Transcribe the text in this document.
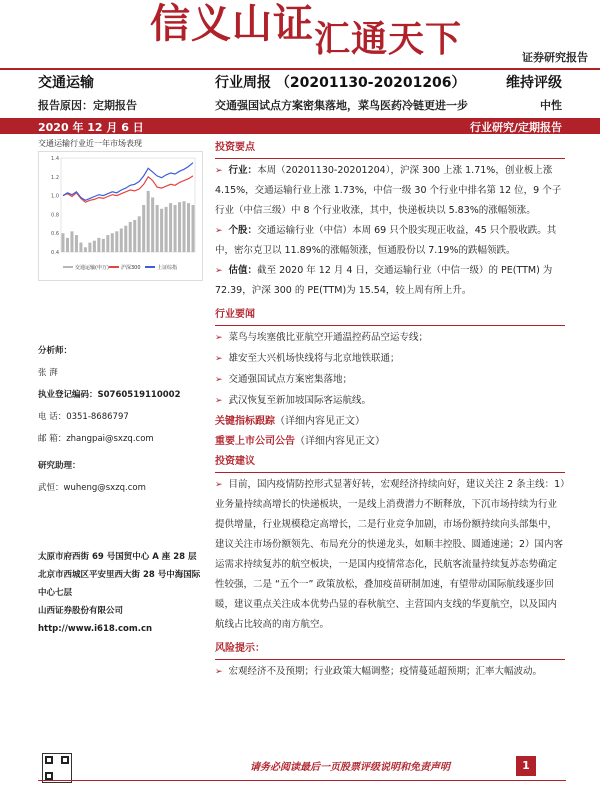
信义山证汇通天下	证券研究报告
交通运输	行业周报 （20201130-20201206）	维持评级
报告原因：定期报告	交通强国试点方案密集落地，菜鸟医药冷链更进一步	中性
2020 年 12 月 6 日	行业研究/定期报告
交通运输行业近一年市场表现
0.4
0.6
0.8
1.0
1.2
1.4
交通运输(申万) 沪深300	上证综指
分析师：
张 湃
执业登记编码：S0760519110002
电 话：0351-8686797
邮 箱：zhangpai@sxzq.com
研究助理：
武恒：wuheng@sxzq.com
太原市府西街 69 号国贸中心 A 座 28 层
北京市西城区平安里西大街 28 号中海国际中心七层
山西证券股份有限公司
http://www.i618.com.cn
投资要点

➢ 行业：本周（20201130-20201204），沪深 300 上涨 1.71%，创业板上涨 4.15%，交通运输行业上涨 1.73%，中信一级 30 个行业中排名第 12 位，9 个子行业（中信三级）中 8 个行业收涨，其中，快递板块以 5.83%的涨幅领涨。

➢ 个股：交通运输行业（中信）本周 69 只个股实现正收益，45 只个股收跌。其中，密尔克卫以 11.89%的涨幅领涨，恒通股份以 7.19%的跌幅领跌。

➢ 估值：截至 2020 年 12 月 4 日，交通运输行业（中信一级）的 PE(TTM) 为 72.39，沪深 300 的 PE(TTM)为 15.54，较上周有所上升。

行业要闻
➢ 菜鸟与埃塞俄比亚航空开通温控药品空运专线；
➢ 雄安至大兴机场快线将与北京地铁联通；
➢ 交通强国试点方案密集落地；
➢ 武汉恢复至新加坡国际客运航线。
关键指标跟踪（详细内容见正文）
重要上市公司公告（详细内容见正文）
投资建议

➢ 目前，国内疫情防控形式显著好转，宏观经济持续向好，建议关注 2 条主线：1）业务量持续高增长的快递板块，一是线上消费潜力不断释放，下沉市场持续为行业提供增量，行业规模稳定高增长，二是行业竞争加剧，市场份额持续向头部集中，建议关注市场份额领先、布局充分的快递龙头，如顺丰控股、圆通速递；2）国内客运需求持续复苏的航空板块，一是国内疫情常态化，民航客流量持续复苏态势确定性较强，二是 “五个一” 政策放松，叠加疫苗研制加速，有望带动国际航线逐步回暖，建议重点关注成本优势凸显的春秋航空、主营国内支线的华夏航空，以及国内航线占比较高的南方航空。

风险提示：

➢ 宏观经济不及预期；行业政策大幅调整；疫情蔓延超预期；汇率大幅波动。

请务必阅读最后一页股票评级说明和免责声明	1
